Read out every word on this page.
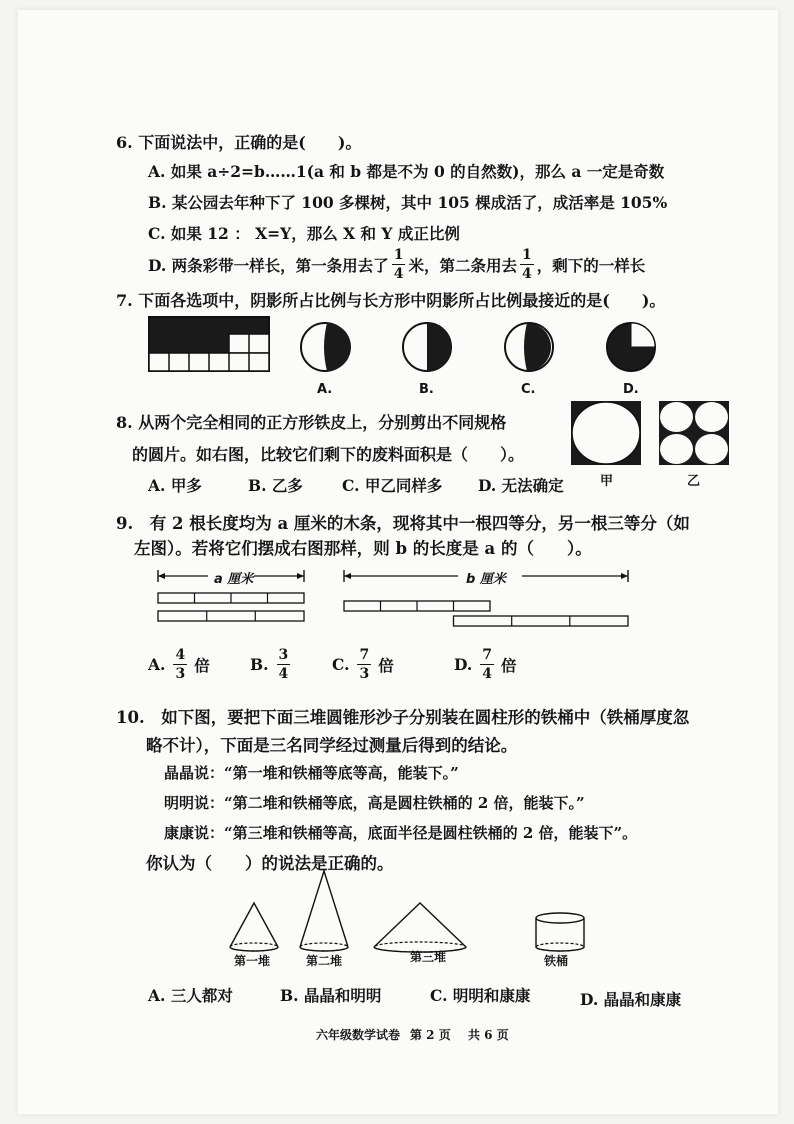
6. 下面说法中，正确的是(　　)。
A. 如果 a÷2=b……1(a 和 b 都是不为 0 的自然数)，那么 a 一定是奇数
B. 某公园去年种下了 100 多棵树，其中 105 棵成活了，成活率是 105%
C. 如果 12 ： X=Y，那么 X 和 Y 成正比例
D. 两条彩带一样长，第一条用去了 $\frac{1}{4}$ 米，第二条用去 $\frac{1}{4}$ ，剩下的一样长
7. 下面各选项中，阴影所占比例与长方形中阴影所占比例最接近的是(　　)。
A.	B.	C.	D.
8. 从两个完全相同的正方形铁皮上，分别剪出不同规格
的圆片。如右图，比较它们剩下的废料面积是（　　）。
A. 甲多	B. 乙多	C. 甲乙同样多 D. 无法确定	甲	乙
9.　有 2 根长度均为 a 厘米的木条，现将其中一根四等分，另一根三等分（如
左图）。若将它们摆成右图那样，则 b 的长度是 a 的（　　）。
a 厘米	b 厘米
A. $\frac{4}{3}$ 倍	B. $\frac{3}{4}$	C. $\frac{7}{3}$ 倍	D. $\frac{7}{4}$ 倍
10.　如下图，要把下面三堆圆锥形沙子分别装在圆柱形的铁桶中（铁桶厚度忽
略不计），下面是三名同学经过测量后得到的结论。
晶晶说：“第一堆和铁桶等底等高，能装下。”
明明说：“第二堆和铁桶等底，高是圆柱铁桶的 2 倍，能装下。”
康康说：“第三堆和铁桶等高，底面半径是圆柱铁桶的 2 倍，能装下”。
你认为（　　）的说法是正确的。
第一堆	第二堆	第三堆	铁桶
A. 三人都对	B. 晶晶和明明	C. 明明和康康	D. 晶晶和康康
六年级数学试卷 第 2 页 共 6 页
